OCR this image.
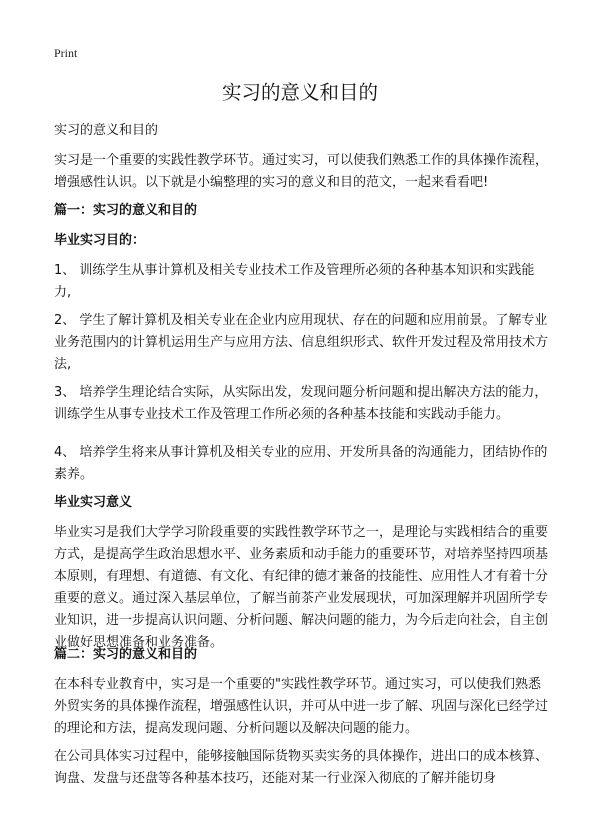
Print
实习的意义和目的

实习的意义和目的

实习是一个重要的实践性教学环节。通过实习，可以使我们熟悉工作的具体操作流程，增强感性认识。以下就是小编整理的实习的意义和目的范文，一起来看看吧!

篇一：实习的意义和目的

毕业实习目的：

1、 训练学生从事计算机及相关专业技术工作及管理所必须的各种基本知识和实践能力,

2、 学生了解计算机及相关专业在企业内应用现状、存在的问题和应用前景。了解专业业务范围内的计算机运用生产与应用方法、信息组织形式、软件开发过程及常用技术方法,

3、 培养学生理论结合实际，从实际出发，发现问题分析问题和提出解决方法的能力，训练学生从事专业技术工作及管理工作所必须的各种基本技能和实践动手能力。

4、 培养学生将来从事计算机及相关专业的应用、开发所具备的沟通能力，团结协作的素养。

毕业实习意义

毕业实习是我们大学学习阶段重要的实践性教学环节之一，是理论与实践相结合的重要方式，是提高学生政治思想水平、业务素质和动手能力的重要环节，对培养坚持四项基本原则，有理想、有道德、有文化、有纪律的德才兼备的技能性、应用性人才有着十分重要的意义。通过深入基层单位，了解当前茶产业发展现状，可加深理解并巩固所学专业知识，进一步提高认识问题、分析问题、解决问题的能力，为今后走向社会，自主创业做好思想准备和业务准备。

篇二：实习的意义和目的

在本科专业教育中，实习是一个重要的"实践性教学环节。通过实习，可以使我们熟悉外贸实务的具体操作流程，增强感性认识，并可从中进一步了解、巩固与深化已经学过的理论和方法，提高发现问题、分析问题以及解决问题的能力。

在公司具体实习过程中，能够接触国际货物买卖实务的具体操作，进出口的成本核算、询盘、发盘与还盘等各种基本技巧，还能对某一行业深入彻底的了解并能切身
